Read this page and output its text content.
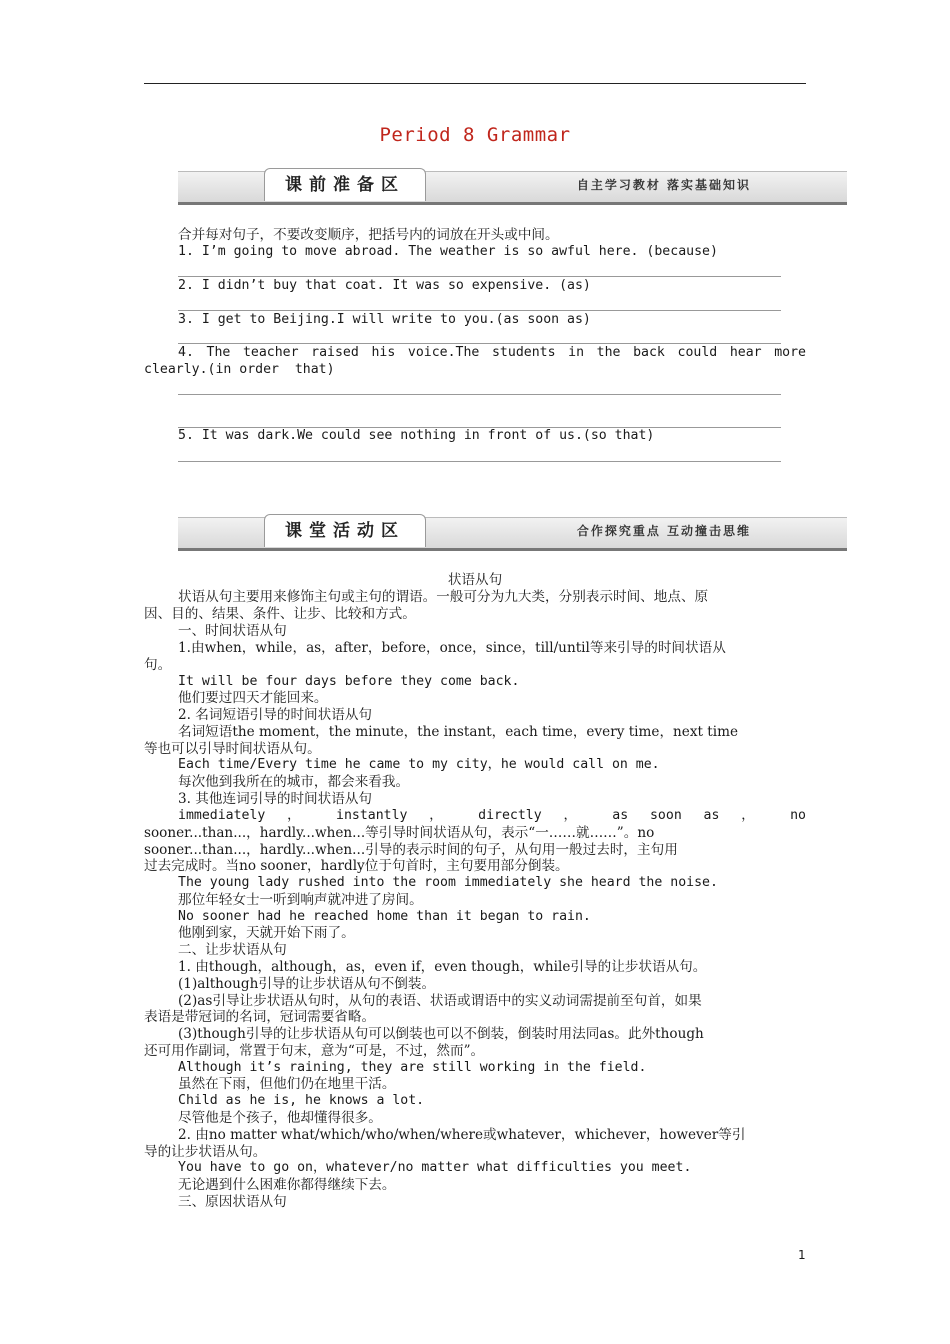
Period 8 Grammar
课前准备区	自主学习教材 落实基础知识
合并每对句子，不要改变顺序，把括号内的词放在开头或中间。
1. I’m going to move abroad. The weather is so awful here. (because)
2. I didn’t buy that coat. It was so expensive. (as)
3. I get to Beijing.I will write to you.(as soon as)
4. The teacher raised his voice.The students in the back could hear more
clearly.(in order  that)
5. It was dark.We could see nothing in front of us.(so that)
课堂活动区	合作探究重点 互动撞击思维
状语从句
状语从句主要用来修饰主句或主句的谓语。一般可分为九大类，分别表示时间、地点、原
因、目的、结果、条件、让步、比较和方式。
一、时间状语从句
1.由when，while，as，after，before，once，since，till/until等来引导的时间状语从
句。
It will be four days before they come back.
他们要过四天才能回来。
2. 名词短语引导的时间状语从句
名词短语the moment，the minute，the instant，each time，every time，next time
等也可以引导时间状语从句。
Each time/Every time he came to my city，he would call on me.
每次他到我所在的城市，都会来看我。
3. 其他连词引导的时间状语从句
immediately ， instantly ， directly ， as soon as ， no
sooner...than...，hardly...when...等引导时间状语从句，表示“一……就……”。no
sooner...than...，hardly...when...引导的表示时间的句子，从句用一般过去时，主句用
过去完成时。当no sooner，hardly位于句首时，主句要用部分倒装。
The young lady rushed into the room immediately she heard the noise.
那位年轻女士一听到响声就冲进了房间。
No sooner had he reached home than it began to rain.
他刚到家，天就开始下雨了。
二、让步状语从句
1. 由though，although，as，even if，even though，while引导的让步状语从句。
(1)although引导的让步状语从句不倒装。
(2)as引导让步状语从句时，从句的表语、状语或谓语中的实义动词需提前至句首，如果
表语是带冠词的名词，冠词需要省略。
(3)though引导的让步状语从句可以倒装也可以不倒装，倒装时用法同as。此外though
还可用作副词，常置于句末，意为“可是，不过，然而”。
Although it’s raining, they are still working in the field.
虽然在下雨，但他们仍在地里干活。
Child as he is, he knows a lot.
尽管他是个孩子，他却懂得很多。
2. 由no matter what/which/who/when/where或whatever，whichever，however等引
导的让步状语从句。
You have to go on，whatever/no matter what difficulties you meet.
无论遇到什么困难你都得继续下去。
三、原因状语从句
1
